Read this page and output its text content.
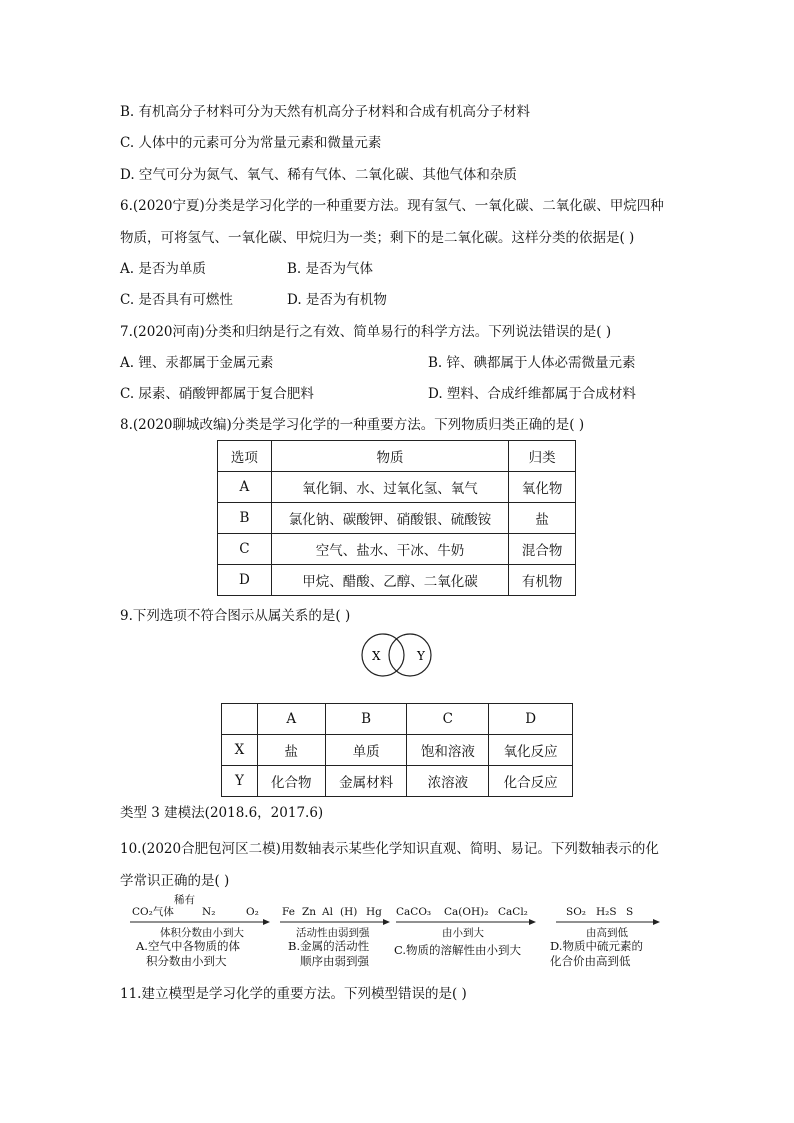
B. 有机高分子材料可分为天然有机高分子材料和合成有机高分子材料
C. 人体中的元素可分为常量元素和微量元素
D. 空气可分为氮气、氧气、稀有气体、二氧化碳、其他气体和杂质
6.(2020宁夏)分类是学习化学的一种重要方法。现有氢气、一氧化碳、二氧化碳、甲烷四种
物质，可将氢气、一氧化碳、甲烷归为一类；剩下的是二氧化碳。这样分类的依据是( )
A. 是否为单质	B. 是否为气体
C. 是否具有可燃性	D. 是否为有机物
7.(2020河南)分类和归纳是行之有效、简单易行的科学方法。下列说法错误的是( )
A. 锂、汞都属于金属元素	B. 锌、碘都属于人体必需微量元素
C. 尿素、硝酸钾都属于复合肥料	D. 塑料、合成纤维都属于合成材料
8.(2020聊城改编)分类是学习化学的一种重要方法。下列物质归类正确的是( )
选项	物质	归类
A	氧化铜、水、过氧化氢、氧气	氧化物
B	氯化钠、碳酸钾、硝酸银、硫酸铵	盐
C	空气、盐水、干冰、牛奶	混合物
D	甲烷、醋酸、乙醇、二氧化碳	有机物
9.下列选项不符合图示从属关系的是( )
X	Y
	A	B	C	D
X	盐	单质	饱和溶液	氧化反应
Y	化合物	金属材料	浓溶液	化合反应
类型 3 建模法(2018.6，2017.6)
10.(2020合肥包河区二模)用数轴表示某些化学知识直观、简明、易记。下列数轴表示的化
学常识正确的是( )
稀有
CO₂气体	N₂	O₂
体积分数由小到大
A.空气中各物质的体
积分数由小到大
Fe Zn Al (H) Hg
活动性由弱到强
B.金属的活动性
顺序由弱到强
CaCO₃ Ca(OH)₂ CaCl₂
由小到大
C.物质的溶解性由小到大
SO₂ H₂S S
由高到低
D.物质中硫元素的
化合价由高到低
11.建立模型是学习化学的重要方法。下列模型错误的是( )
